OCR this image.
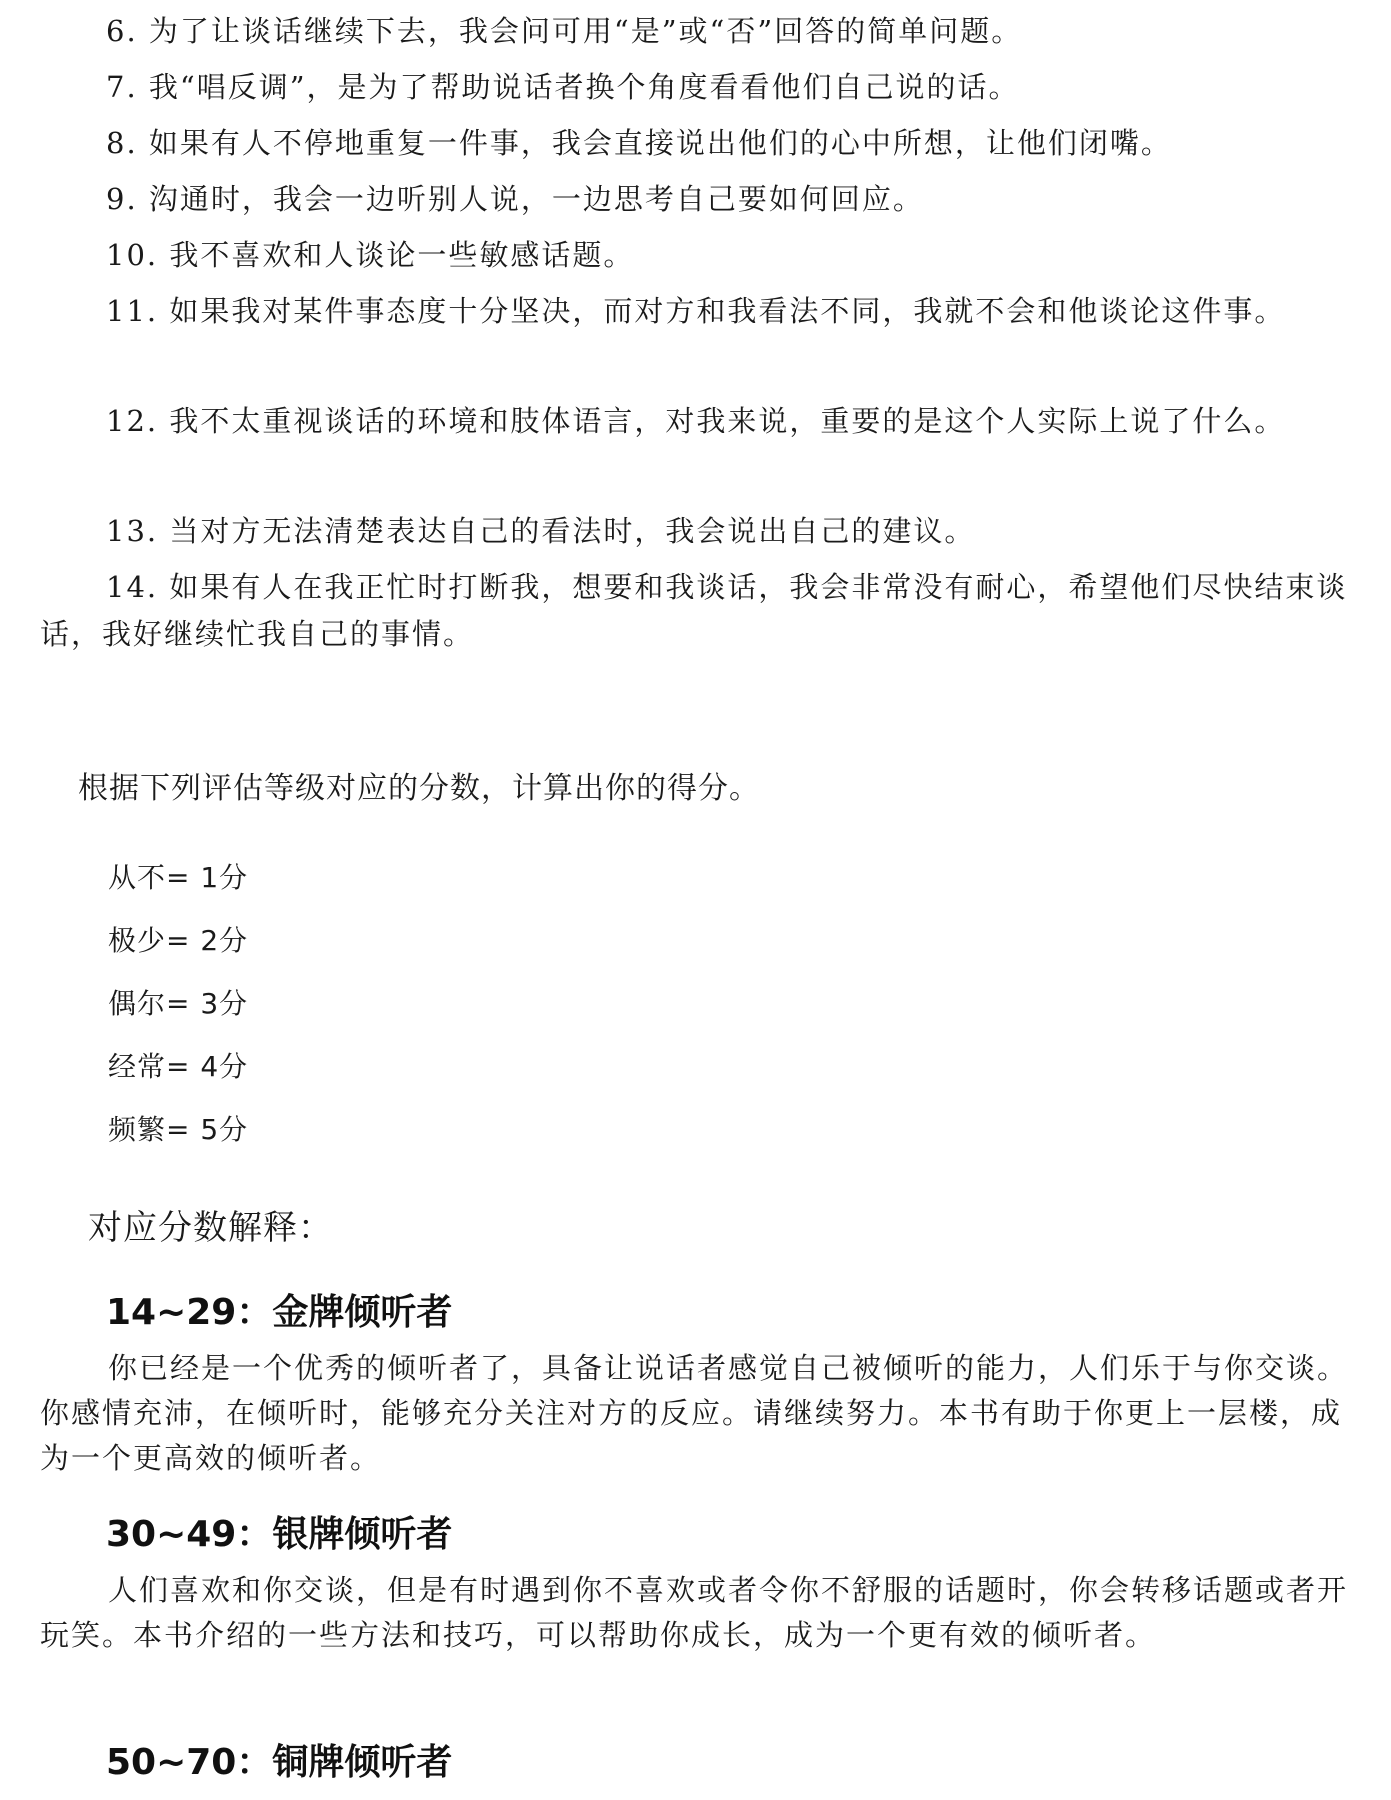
6. 为了让谈话继续下去，我会问可用“是”或“否”回答的简单问题。
7. 我“唱反调”，是为了帮助说话者换个角度看看他们自己说的话。
8. 如果有人不停地重复一件事，我会直接说出他们的心中所想，让他们闭嘴。
9. 沟通时，我会一边听别人说，一边思考自己要如何回应。
10. 我不喜欢和人谈论一些敏感话题。
11. 如果我对某件事态度十分坚决，而对方和我看法不同，我就不会和他谈论这件事。
12. 我不太重视谈话的环境和肢体语言，对我来说，重要的是这个人实际上说了什么。
13. 当对方无法清楚表达自己的看法时，我会说出自己的建议。
14. 如果有人在我正忙时打断我，想要和我谈话，我会非常没有耐心，希望他们尽快结束谈话，我好继续忙我自己的事情。
根据下列评估等级对应的分数，计算出你的得分。
从不= 1分
极少= 2分
偶尔= 3分
经常= 4分
频繁= 5分
对应分数解释：
14~29：金牌倾听者
你已经是一个优秀的倾听者了，具备让说话者感觉自己被倾听的能力，人们乐于与你交谈。你感情充沛，在倾听时，能够充分关注对方的反应。请继续努力。本书有助于你更上一层楼，成为一个更高效的倾听者。
30~49：银牌倾听者
人们喜欢和你交谈，但是有时遇到你不喜欢或者令你不舒服的话题时，你会转移话题或者开玩笑。本书介绍的一些方法和技巧，可以帮助你成长，成为一个更有效的倾听者。
50~70：铜牌倾听者
